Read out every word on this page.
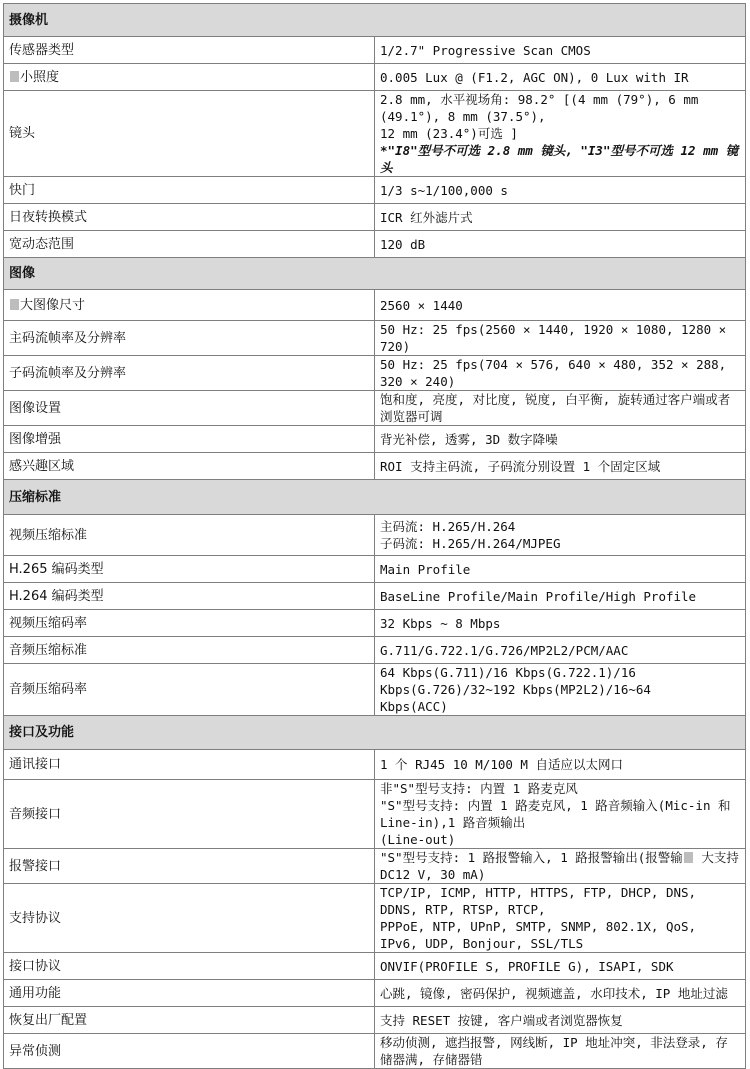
摄像机	
传感器类型	1/2.7" Progressive Scan CMOS

小照度	0.005 Lux @ (F1.2, AGC ON), 0 Lux with IR

镜头	2.8 mm, 水平视场角: 98.2° [(4 mm (79°), 6 mm (49.1°), 8 mm (37.5°),
12 mm (23.4°)可选 ]
*"I8"型号不可选 2.8 mm 镜头, "I3"型号不可选 12 mm 镜头

快门	1/3 s~1/100,000 s

日夜转换模式	ICR 红外滤片式

宽动态范围	120 dB

图像	
大图像尺寸	2560 × 1440

主码流帧率及分辨率	50 Hz: 25 fps(2560 × 1440, 1920 × 1080, 1280 × 720)

子码流帧率及分辨率	50 Hz: 25 fps(704 × 576, 640 × 480, 352 × 288, 320 × 240)

图像设置	饱和度, 亮度, 对比度, 锐度, 白平衡, 旋转通过客户端或者浏览器可调

图像增强	背光补偿, 透雾, 3D 数字降噪

感兴趣区域	ROI 支持主码流, 子码流分别设置 1 个固定区域

压缩标准	
视频压缩标准	主码流: H.265/H.264
子码流: H.265/H.264/MJPEG

H.265 编码类型	Main Profile

H.264 编码类型	BaseLine Profile/Main Profile/High Profile

视频压缩码率	32 Kbps ~ 8 Mbps

音频压缩标准	G.711/G.722.1/G.726/MP2L2/PCM/AAC

音频压缩码率	64 Kbps(G.711)/16 Kbps(G.722.1)/16 Kbps(G.726)/32~192 Kbps(MP2L2)/16~64
Kbps(ACC)

接口及功能	
通讯接口	1 个 RJ45 10 M/100 M 自适应以太网口

音频接口	非"S"型号支持: 内置 1 路麦克风
"S"型号支持: 内置 1 路麦克风, 1 路音频输入(Mic-in 和 Line-in),1 路音频输出
(Line-out)

报警接口	"S"型号支持: 1 路报警输入, 1 路报警输出(报警输 大支持 DC12 V, 30 mA)

支持协议	TCP/IP, ICMP, HTTP, HTTPS, FTP, DHCP, DNS, DDNS, RTP, RTSP, RTCP,
PPPoE, NTP, UPnP, SMTP, SNMP, 802.1X, QoS, IPv6, UDP, Bonjour, SSL/TLS

接口协议	ONVIF(PROFILE S, PROFILE G), ISAPI, SDK

通用功能	心跳, 镜像, 密码保护, 视频遮盖, 水印技术, IP 地址过滤

恢复出厂配置	支持 RESET 按键, 客户端或者浏览器恢复

异常侦测	移动侦测, 遮挡报警, 网线断, IP 地址冲突, 非法登录, 存储器满, 存储器错
